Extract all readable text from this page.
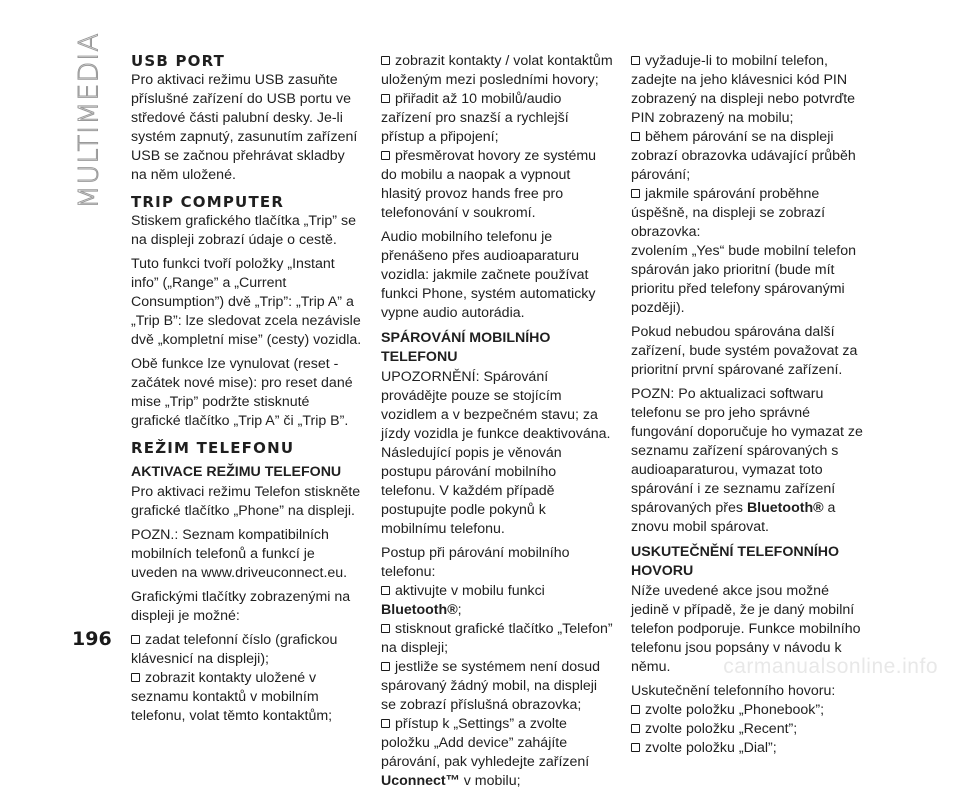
MULTIMEDIA USB PORT

Pro aktivaci režimu USB zasuňte příslušné zařízení do USB portu ve středové části palubní desky. Je-li systém zapnutý, zasunutím zařízení USB se začnou přehrávat skladby na něm uložené.

TRIP COMPUTER

Stiskem grafického tlačítka „Trip” se na displeji zobrazí údaje o cestě.

Tuto funkci tvoří položky „Instant info” („Range” a „Current Consumption”) dvě „Trip”: „Trip A” a „Trip B”: lze sledovat zcela nezávisle dvě „kompletní mise” (cesty) vozidla.

Obě funkce lze vynulovat (reset - začátek nové mise): pro reset dané mise „Trip” podržte stisknuté grafické tlačítko „Trip A” či „Trip B”.

REŽIM TELEFONU
AKTIVACE REŽIMU TELEFONU

Pro aktivaci režimu Telefon stiskněte grafické tlačítko „Phone” na displeji.

POZN.: Seznam kompatibilních mobilních telefonů a funkcí je uveden na www.driveuconnect.eu.

Grafickými tlačítky zobrazenými na displeji je možné:

zadat telefonní číslo (grafickou klávesnicí na displeji);
zobrazit kontakty uložené v seznamu kontaktů v mobilním telefonu, volat těmto kontaktům;
zobrazit kontakty / volat kontaktům uloženým mezi posledními hovory;
přiřadit až 10 mobilů/audio zařízení pro snazší a rychlejší přístup a připojení;
přesměrovat hovory ze systému do mobilu a naopak a vypnout hlasitý provoz hands free pro telefonování v soukromí.

Audio mobilního telefonu je přenášeno přes audioaparaturu vozidla: jakmile začnete používat funkci Phone, systém automaticky vypne audio autorádia.

SPÁROVÁNÍ MOBILNÍHO TELEFONU

UPOZORNĚNÍ: Spárování provádějte pouze se stojícím vozidlem a v bezpečném stavu; za jízdy vozidla je funkce deaktivována. Následující popis je věnován postupu párování mobilního telefonu. V každém případě postupujte podle pokynů k mobilnímu telefonu.

Postup při párování mobilního telefonu:

aktivujte v mobilu funkci Bluetooth®;
stisknout grafické tlačítko „Telefon” na displeji;
jestliže se systémem není dosud spárovaný žádný mobil, na displeji se zobrazí příslušná obrazovka;
přístup k „Settings” a zvolte položku „Add device” zahájíte párování, pak vyhledejte zařízení Uconnect™ v mobilu;
vyžaduje-li to mobilní telefon, zadejte na jeho klávesnici kód PIN zobrazený na displeji nebo potvrďte PIN zobrazený na mobilu;
během párování se na displeji zobrazí obrazovka udávající průběh párování;
jakmile spárování proběhne úspěšně, na displeji se zobrazí obrazovka:

zvolením „Yes“ bude mobilní telefon spárován jako prioritní (bude mít prioritu před telefony spárovanými později).

Pokud nebudou spárována další zařízení, bude systém považovat za prioritní první spárované zařízení.

POZN: Po aktualizaci softwaru telefonu se pro jeho správné fungování doporučuje ho vymazat ze seznamu zařízení spárovaných s audioaparaturou, vymazat toto spárování i ze seznamu zařízení spárovaných přes Bluetooth® a znovu mobil spárovat.

USKUTEČNĚNÍ TELEFONNÍHO HOVORU

Níže uvedené akce jsou možné jedině v případě, že je daný mobilní telefon podporuje. Funkce mobilního telefonu jsou popsány v návodu k němu.

Uskutečnění telefonního hovoru:

zvolte položku „Phonebook”;
zvolte položku „Recent”;
zvolte položku „Dial”;
196
carmanualsonline.info
